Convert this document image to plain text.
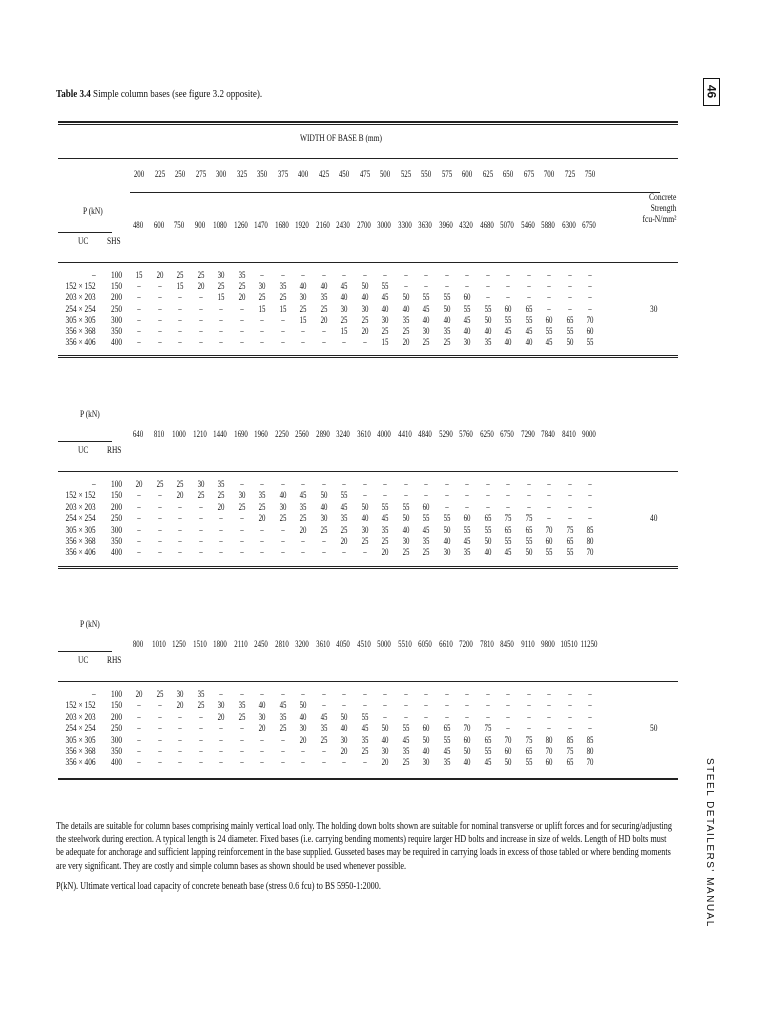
Table 3.4 Simple column bases (see figure 3.2 opposite).	46
STEEL DETAILERS' MANUAL
WIDTH OF BASE B (mm)
200	225	250	275	300	325	350	375	400	425	450	475	500	525	550	575	600	625	650	675	700	725	750
Concrete
Strength
fcu-N/mm²
P (kN)
480	600	750	900 1080 1260 1470 1680 1920 2160 2430 2700 3000 3300 3630 3960 4320 4680 5070 5460 5880 6300 6750
UC SHS
– 100	15	20	25	25	30	35	–	–	–	–	–	–	–	–	–	–	–	–	–	–	–	–	–
152 × 152 150	–	–	15	20	25	25	30	35	40	40	45	50	55	–	–	–	–	–	–	–	–	–	–
203 × 203 200	–	–	–	–	15	20	25	25	30	35	40	40	45	50	55	55	60	–	–	–	–	–	–
254 × 254 250	–	–	–	–	–	–	15	15	25	25	30	30	40	40	45	50	55	55	60	65	–	–	–
305 × 305 300	–	–	–	–	–	–	–	–	15	20	25	25	30	35	40	40	45	50	55	55	60	65	70
356 × 368 350	–	–	–	–	–	–	–	–	–	–	15	20	25	25	30	35	40	40	45	45	55	55	60
356 × 406 400	–	–	–	–	–	–	–	–	–	–	–	–	15	20	25	25	30	35	40	40	45	50	55
30
P (kN)
640	810 1000 1210 1440 1690 1960 2250 2560 2890 3240 3610 4000 4410 4840 5290 5760 6250 6750 7290 7840 8410 9000
UC RHS
– 100	20	25	25	30	35	–	–	–	–	–	–	–	–	–	–	–	–	–	–	–	–	–	–
152 × 152 150	–	–	20	25	25	30	35	40	45	50	55	–	–	–	–	–	–	–	–	–	–	–	–
203 × 203 200	–	–	–	–	20	25	25	30	35	40	45	50	55	55	60	–	–	–	–	–	–	–	–
254 × 254 250	–	–	–	–	–	–	20	25	25	30	35	40	45	50	55	55	60	65	75	75	–	–	–
305 × 305 300	–	–	–	–	–	–	–	–	20	25	25	30	35	40	45	50	55	55	65	65	70	75	85
356 × 368 350	–	–	–	–	–	–	–	–	–	–	20	25	25	30	35	40	45	50	55	55	60	65	80
356 × 406 400	–	–	–	–	–	–	–	–	–	–	–	–	20	25	25	30	35	40	45	50	55	55	70
40
P (kN)
800 1010 1250 1510 1800 2110 2450 2810 3200 3610 4050 4510 5000 5510 6050 6610 7200 7810 8450 9110 9800 10510 11250
UC RHS
– 100	20	25	30	35	–	–	–	–	–	–	–	–	–	–	–	–	–	–	–	–	–	–	–
152 × 152 150	–	–	20	25	30	35	40	45	50	–	–	–	–	–	–	–	–	–	–	–	–	–	–
203 × 203 200	–	–	–	–	20	25	30	35	40	45	50	55	–	–	–	–	–	–	–	–	–	–	–
254 × 254 250	–	–	–	–	–	–	20	25	30	35	40	45	50	55	60	65	70	75	–	–	–	–	–
305 × 305 300	–	–	–	–	–	–	–	–	20	25	30	35	40	45	50	55	60	65	70	75	80	85	85
356 × 368 350	–	–	–	–	–	–	–	–	–	–	20	25	30	35	40	45	50	55	60	65	70	75	80
356 × 406 400	–	–	–	–	–	–	–	–	–	–	–	–	20	25	30	35	40	45	50	55	60	65	70
50

The details are suitable for column bases comprising mainly vertical load only. The holding down bolts shown are suitable for nominal transverse or uplift forces and for securing/adjusting the steelwork during erection. A typical length is 24 diameter. Fixed bases (i.e. carrying bending moments) require larger HD bolts and increase in size of welds. Length of HD bolts must be adequate for anchorage and sufficient lapping reinforcement in the base supplied. Gusseted bases may be required in carrying loads in excess of those tabled or where bending moments are very significant. They are costly and simple column bases as shown should be used whenever possible.

P(kN). Ultimate vertical load capacity of concrete beneath base (stress 0.6 fcu) to BS 5950-1:2000.
